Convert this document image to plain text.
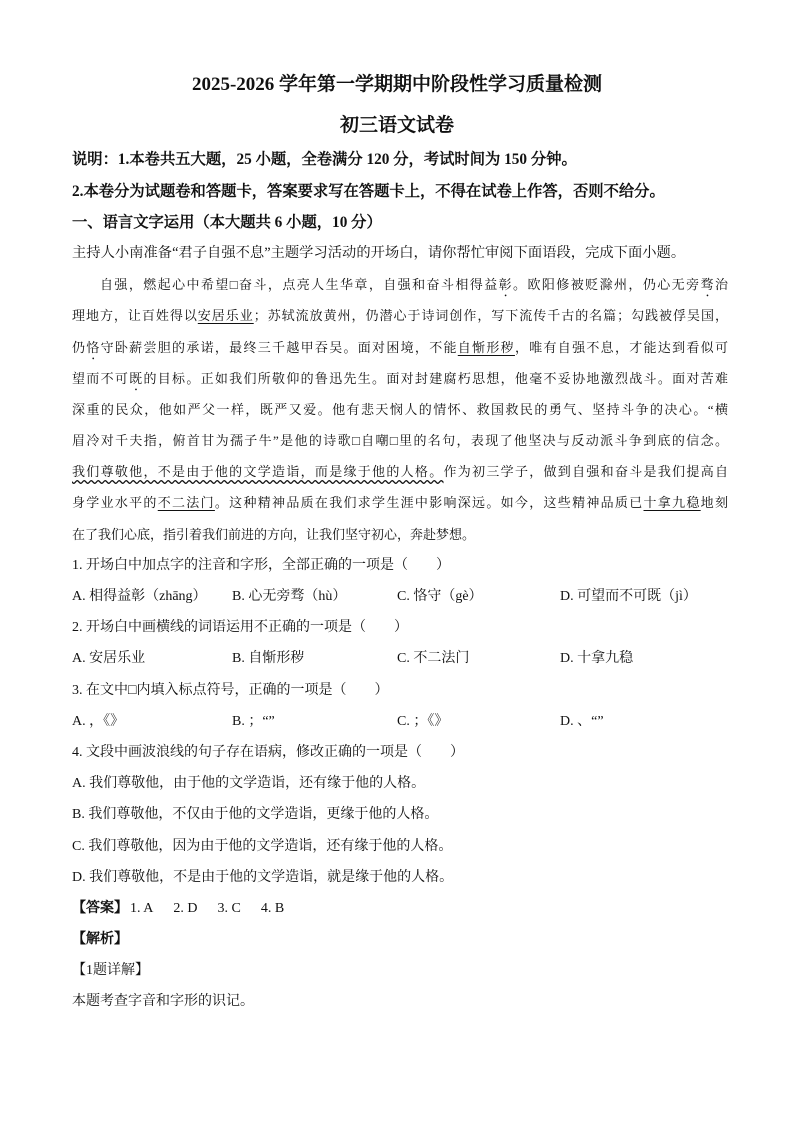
2025-2026 学年第一学期期中阶段性学习质量检测
初三语文试卷
说明：1.本卷共五大题，25 小题，全卷满分 120 分，考试时间为 150 分钟。
2.本卷分为试题卷和答题卡，答案要求写在答题卡上，不得在试卷上作答，否则不给分。
一、语言文字运用（本大题共 6 小题，10 分）
主持人小南准备“君子自强不息”主题学习活动的开场白，请你帮忙审阅下面语段，完成下面小题。
自强，燃起心中希望□奋斗，点亮人生华章，自强和奋斗相得益彰。欧阳修被贬滁州，仍心无旁骛治
理地方，让百姓得以安居乐业；苏轼流放黄州，仍潜心于诗词创作，写下流传千古的名篇；勾践被俘吴国，
仍恪守卧薪尝胆的承诺，最终三千越甲吞吴。面对困境，不能自惭形秽，唯有自强不息，才能达到看似可
望而不可既的目标。正如我们所敬仰的鲁迅先生。面对封建腐朽思想，他毫不妥协地激烈战斗。面对苦难
深重的民众，他如严父一样，既严又爱。他有悲天悯人的情怀、救国救民的勇气、坚持斗争的决心。“横
眉冷对千夫指，俯首甘为孺子牛”是他的诗歌□自嘲□里的名句，表现了他坚决与反动派斗争到底的信念。
我们尊敬他，不是由于他的文学造诣，而是缘于他的人格。作为初三学子，做到自强和奋斗是我们提高自
身学业水平的不二法门。这种精神品质在我们求学生涯中影响深远。如今，这些精神品质已十拿九稳地刻
在了我们心底，指引着我们前进的方向，让我们坚守初心，奔赴梦想。
1. 开场白中加点字的注音和字形，全部正确的一项是（　　）
A. 相得益彰（zhāng）	B. 心无旁骛（hù）	C. 恪守（gè）	D. 可望而不可既（jì）
2. 开场白中画横线的词语运用不正确的一项是（　　）
A. 安居乐业	B. 自惭形秽	C. 不二法门	D. 十拿九稳
3. 在文中□内填入标点符号，正确的一项是（　　）
A. ，《》	B. ；“”	C. ；《》	D. 、“”
4. 文段中画波浪线的句子存在语病，修改正确的一项是（　　）
A. 我们尊敬他，由于他的文学造诣，还有缘于他的人格。
B. 我们尊敬他，不仅由于他的文学造诣，更缘于他的人格。
C. 我们尊敬他，因为由于他的文学造诣，还有缘于他的人格。
D. 我们尊敬他，不是由于他的文学造诣，就是缘于他的人格。
【答案】 1. A 2. D 3. C 4. B
【解析】
【1题详解】
本题考查字音和字形的识记。
